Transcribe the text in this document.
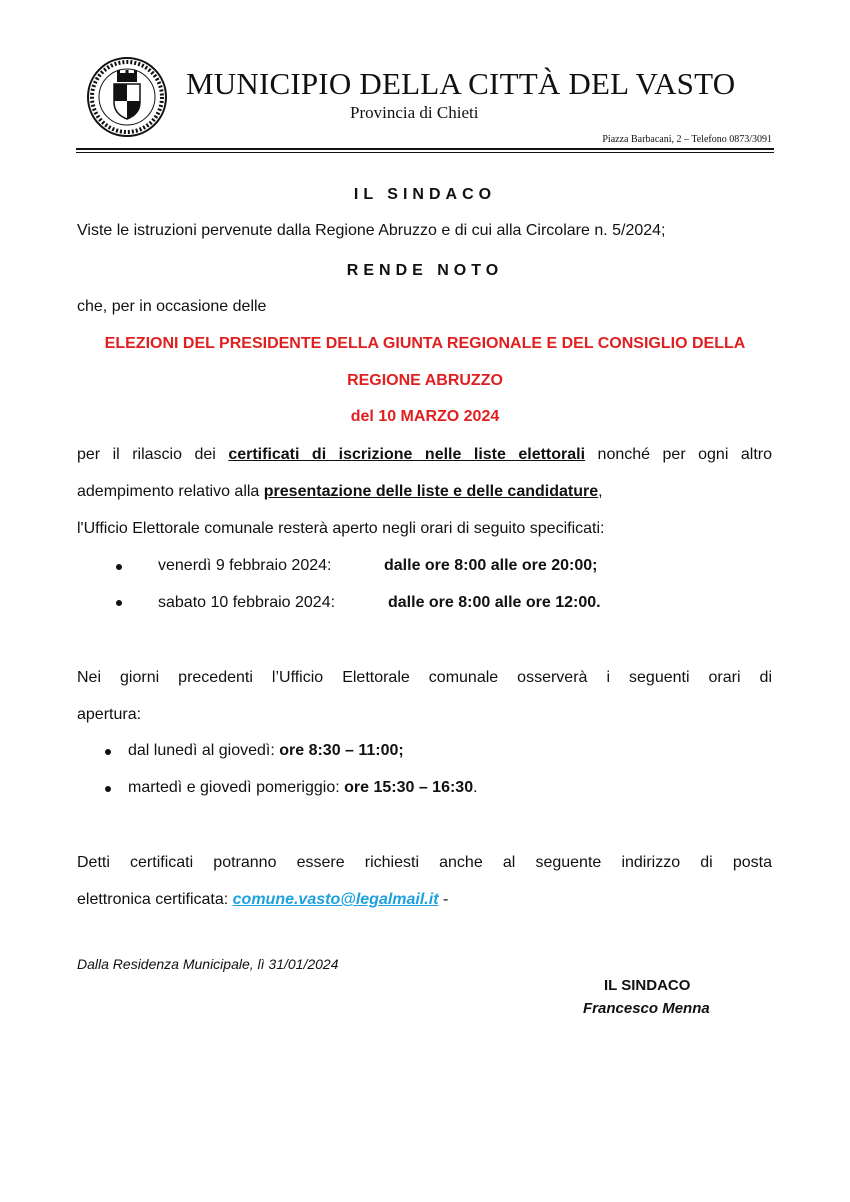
MUNICIPIO DELLA CITTÀ DEL VASTO
Provincia di Chieti
Piazza Barbacani, 2 – Telefono 0873/3091
IL SINDACO
Viste le istruzioni pervenute dalla Regione Abruzzo e di cui alla Circolare n. 5/2024;
RENDE NOTO
che, per in occasione delle
ELEZIONI DEL PRESIDENTE DELLA GIUNTA REGIONALE E DEL CONSIGLIO DELLA
REGIONE ABRUZZO
del 10 MARZO 2024
per il rilascio dei certificati di iscrizione nelle liste elettorali nonché per ogni altro
adempimento relativo alla presentazione delle liste e delle candidature,
l'Ufficio Elettorale comunale resterà aperto negli orari di seguito specificati:
venerdì 9 febbraio 2024:	dalle ore 8:00 alle ore 20:00;
sabato 10 febbraio 2024:	dalle ore 8:00 alle ore 12:00.
Nei giorni precedenti l’Ufficio Elettorale comunale osserverà i seguenti orari di
apertura:
dal lunedì al giovedì: ore 8:30 – 11:00;
martedì e giovedì pomeriggio: ore 15:30 – 16:30.
Detti certificati potranno essere richiesti anche al seguente indirizzo di posta
elettronica certificata: comune.vasto@legalmail.it -
Dalla Residenza Municipale, lì 31/01/2024
IL SINDACO
Francesco Menna
